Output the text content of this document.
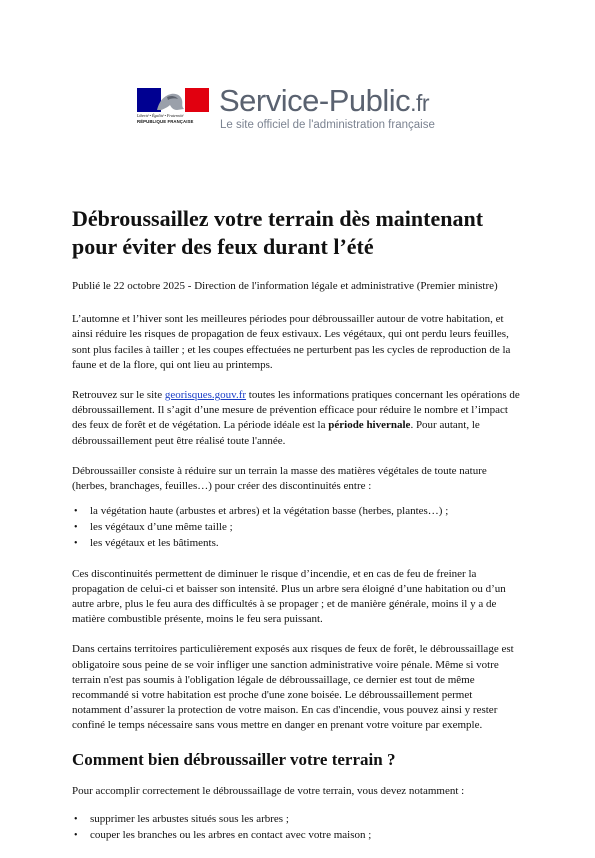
Liberté • Égalité • Fraternité
RÉPUBLIQUE FRANÇAISE
Service-Public.fr
Le site officiel de l'administration française
Débroussaillez votre terrain dès maintenant pour éviter des feux durant l’été

Publié le 22 octobre 2025 - Direction de l'information légale et administrative (Premier ministre)

L’automne et l’hiver sont les meilleures périodes pour débroussailler autour de votre habitation, et ainsi réduire les risques de propagation de feux estivaux. Les végétaux, qui ont perdu leurs feuilles, sont plus faciles à tailler ; et les coupes effectuées ne perturbent pas les cycles de reproduction de la faune et de la flore, qui ont lieu au printemps.

Retrouvez sur le site georisques.gouv.fr toutes les informations pratiques concernant les opérations de débroussaillement. Il s’agit d’une mesure de prévention efficace pour réduire le nombre et l’impact des feux de forêt et de végétation. La période idéale est la période hivernale. Pour autant, le débroussaillement peut être réalisé toute l'année.

Débroussailler consiste à réduire sur un terrain la masse des matières végétales de toute nature (herbes, branchages, feuilles…) pour créer des discontinuités entre :

• la végétation haute (arbustes et arbres) et la végétation basse (herbes, plantes…) ;
• les végétaux d’une même taille ;
• les végétaux et les bâtiments.

Ces discontinuités permettent de diminuer le risque d’incendie, et en cas de feu de freiner la propagation de celui-ci et baisser son intensité. Plus un arbre sera éloigné d’une habitation ou d’un autre arbre, plus le feu aura des difficultés à se propager ; et de manière générale, moins il y a de matière combustible présente, moins le feu sera puissant.

Dans certains territoires particulièrement exposés aux risques de feux de forêt, le débroussaillage est obligatoire sous peine de se voir infliger une sanction administrative voire pénale. Même si votre terrain n'est pas soumis à l'obligation légale de débroussaillage, ce dernier est tout de même recommandé si votre habitation est proche d'une zone boisée. Le débroussaillement permet notamment d’assurer la protection de votre maison. En cas d'incendie, vous pouvez ainsi y rester confiné le temps nécessaire sans vous mettre en danger en prenant votre voiture par exemple.

Comment bien débroussailler votre terrain ?

Pour accomplir correctement le débroussaillage de votre terrain, vous devez notamment :

• supprimer les arbustes situés sous les arbres ;
• couper les branches ou les arbres en contact avec votre maison ;
